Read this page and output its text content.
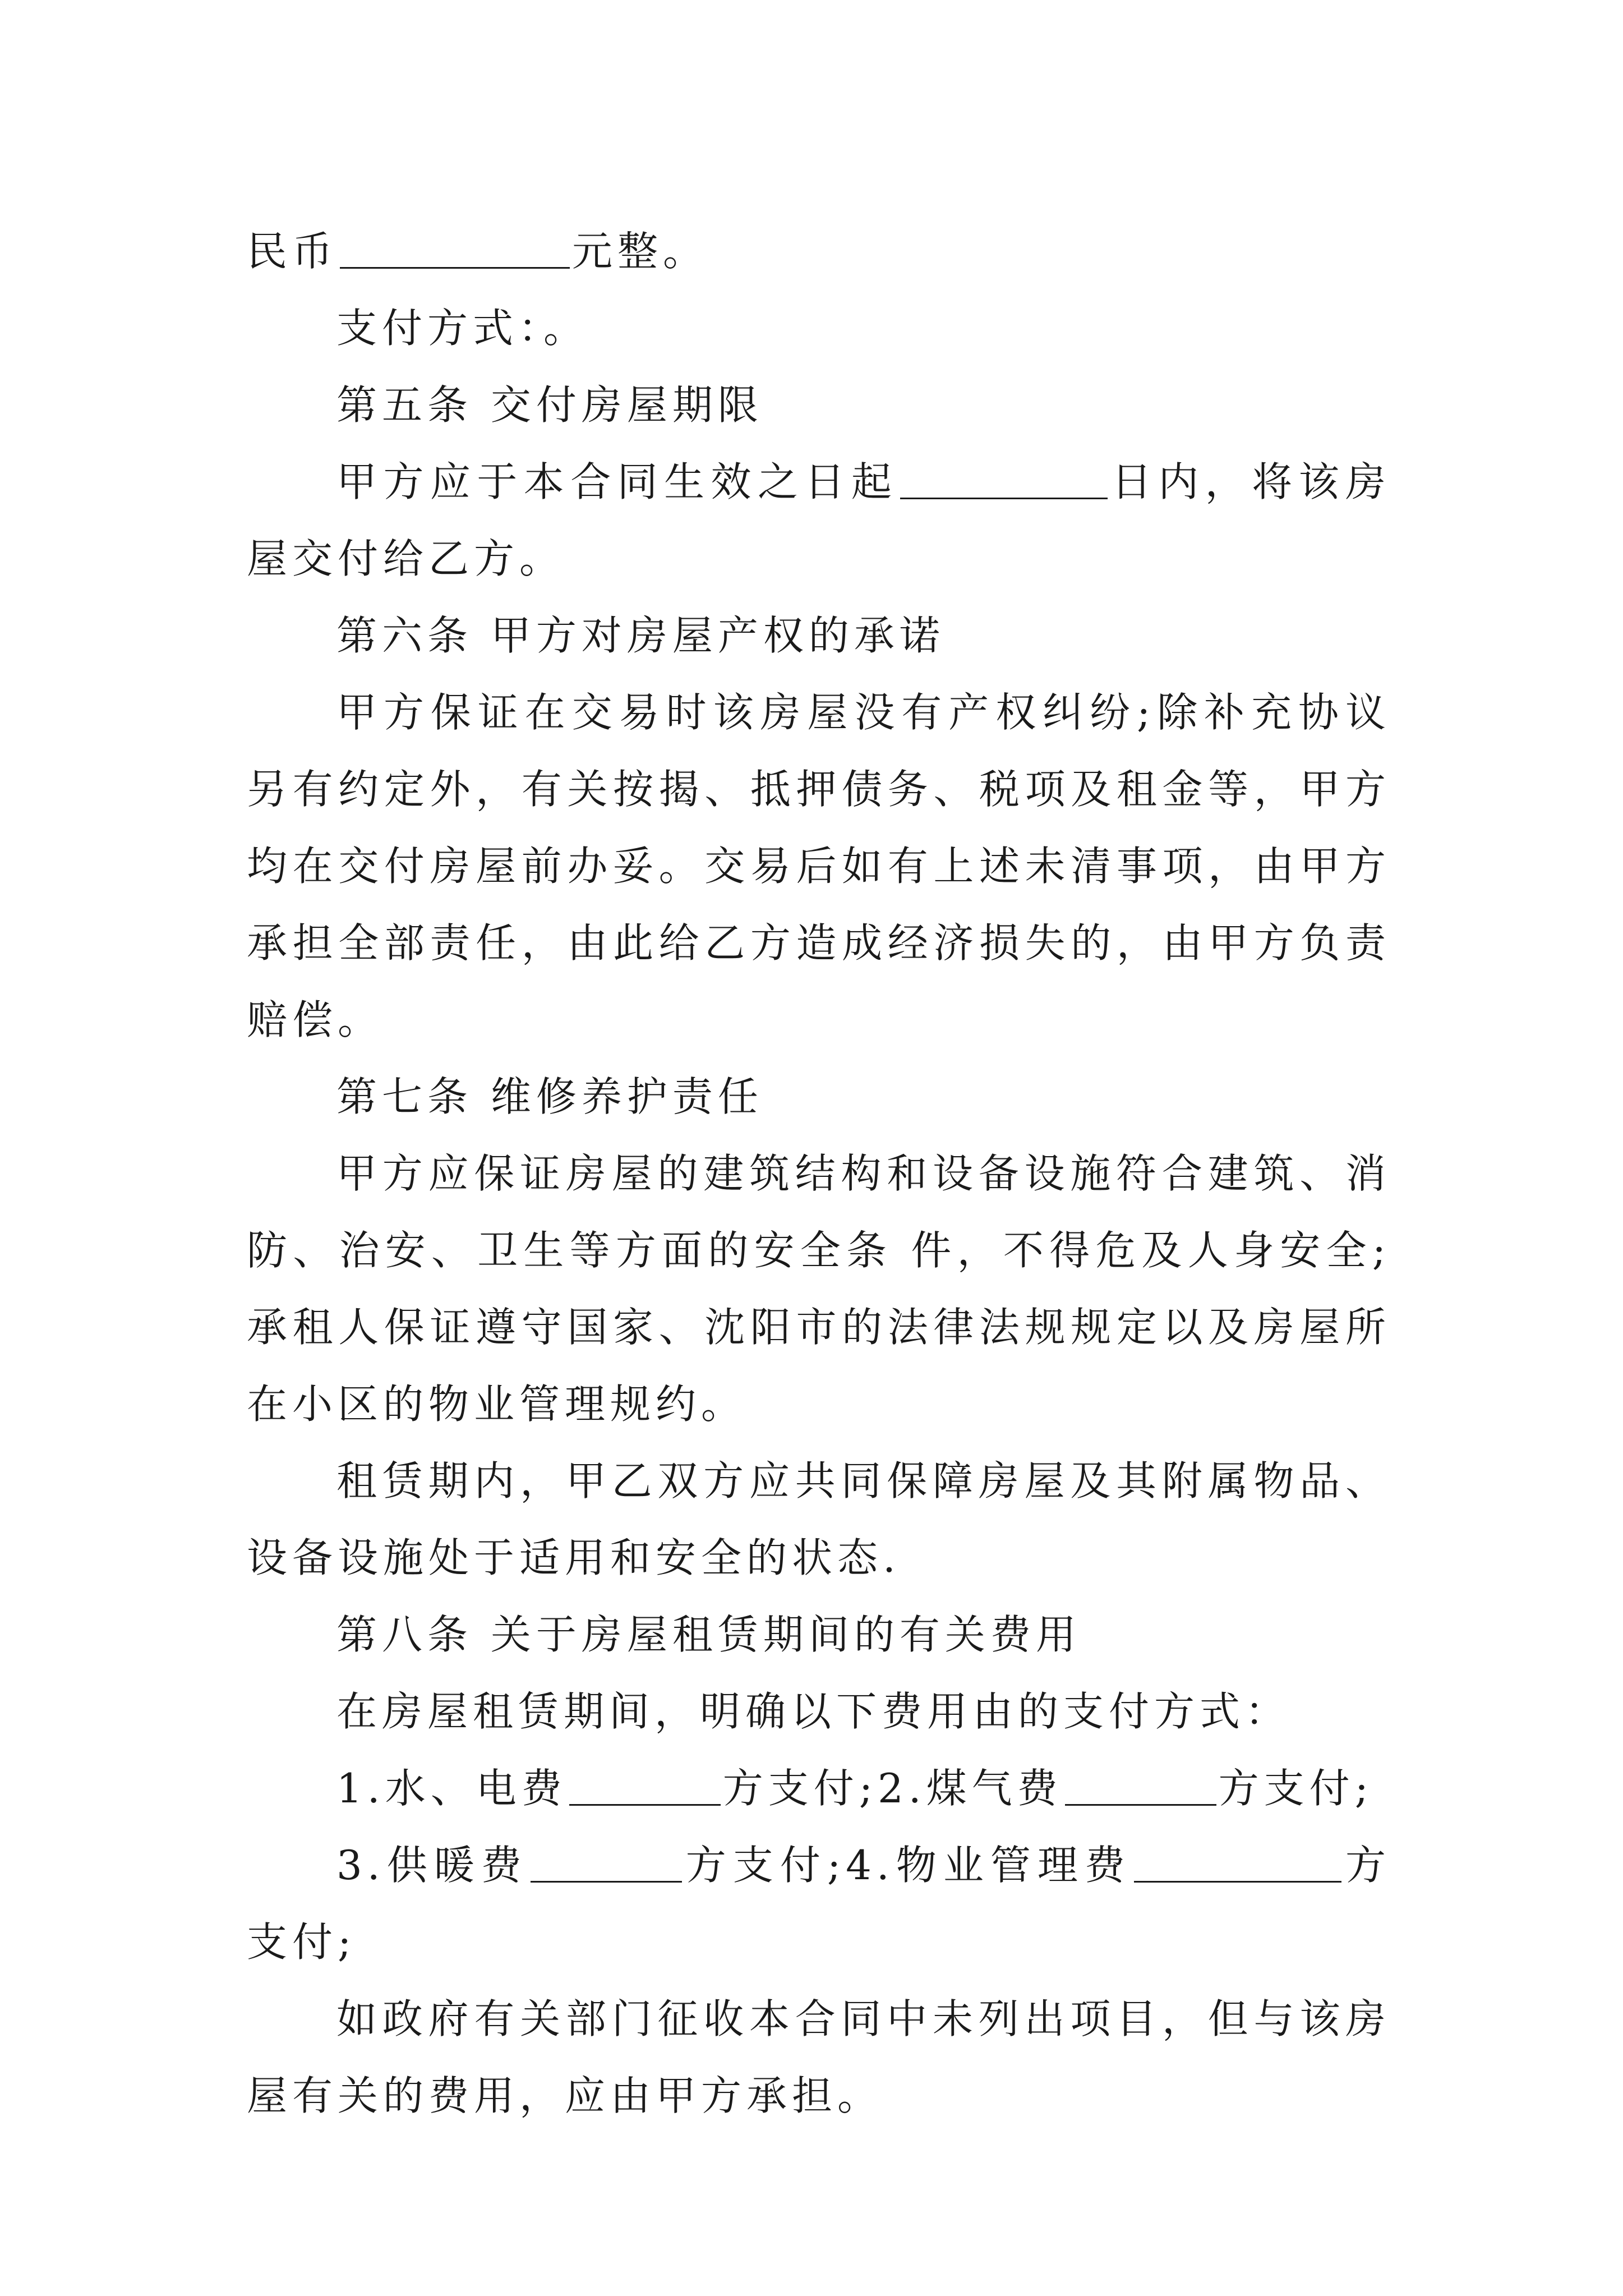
民币	元整。

支付方式：。

第五条 交付房屋期限

甲方应于本合同生效之日起	日内，将该房屋交付给乙方。

第六条 甲方对房屋产权的承诺

甲方保证在交易时该房屋没有产权纠纷;除补充协议另有约定外，有关按揭、抵押债务、税项及租金等，甲方均在交付房屋前办妥。交易后如有上述未清事项，由甲方承担全部责任，由此给乙方造成经济损失的，由甲方负责赔偿。

第七条 维修养护责任

甲方应保证房屋的建筑结构和设备设施符合建筑、消防、治安、卫生等方面的安全条 件，不得危及人身安全;承租人保证遵守国家、沈阳市的法律法规规定以及房屋所在小区的物业管理规约。

租赁期内，甲乙双方应共同保障房屋及其附属物品、设备设施处于适用和安全的状态.

第八条 关于房屋租赁期间的有关费用

在房屋租赁期间，明确以下费用由的支付方式：

1.水、电费	方支付;2.煤气费	方支付;

3.供暖费	方支付;4.物业管理费	方支付;

如政府有关部门征收本合同中未列出项目，但与该房屋有关的费用，应由甲方承担。
